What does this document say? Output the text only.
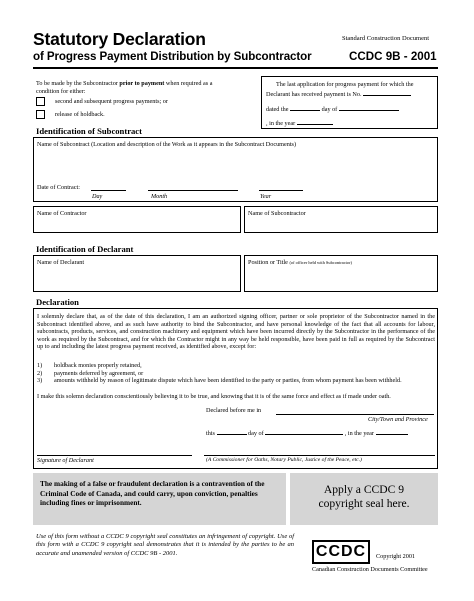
Statutory Declaration	Standard Construction Document
of Progress Payment Distribution by Subcontractor	CCDC 9B - 2001
To be made by the Subcontractor prior to payment when required as a
condition for either:
second and subsequent progress payments; or
release of holdback.
The last application for progress payment for which the
Declarant has received payment is No.
dated the	day of
, in the year
Identification of Subcontract
Name of Subcontract (Location and description of the Work as it appears in the Subcontract Documents)
Date of Contract:
Day	Month	Year
Name of Contractor	Name of Subcontractor
Identification of Declarant
Name of Declarant	Position or Title (of officer held with Subcontractor)
Declaration
I solemnly declare that, as of the date of this declaration, I am an authorized signing officer, partner or sole proprietor of the Subcontractor named in the Subcontract identified above, and as such have authority to bind the Subcontractor, and have personal knowledge of the fact that all accounts for labour, subcontracts, products, services, and construction machinery and equipment which have been incurred directly by the Subcontractor in the performance of the work as required by the Subcontract, and for which the Contractor might in any way be held responsible, have been paid in full as required by the Subcontract up to and including the latest progress payment received, as identified above, except for:
1)	holdback monies properly retained,
2)	payments deferred by agreement, or
3)	amounts withheld by reason of legitimate dispute which have been identified to the party or parties, from whom payment has been withheld.
I make this solemn declaration conscientiously believing it to be true, and knowing that it is of the same force and effect as if made under oath.
Declared before me in
City/Town and Province
this	day of	, in the year
Signature of Declarant	(A Commissioner for Oaths, Notary Public, Justice of the Peace, etc.)
The making of a false or fraudulent declaration is a contravention of the Criminal Code of Canada, and could carry, upon conviction, penalties including fines or imprisonment.
Apply a CCDC 9
copyright seal here.
Use of this form without a CCDC 9 copyright seal constitutes an infringement of copyright. Use of this form with a CCDC 9 copyright seal demonstrates that it is intended by the parties to be an accurate and unamended version of CCDC 9B - 2001.	CCDC	Copyright 2001
Canadian Construction Documents Committee
